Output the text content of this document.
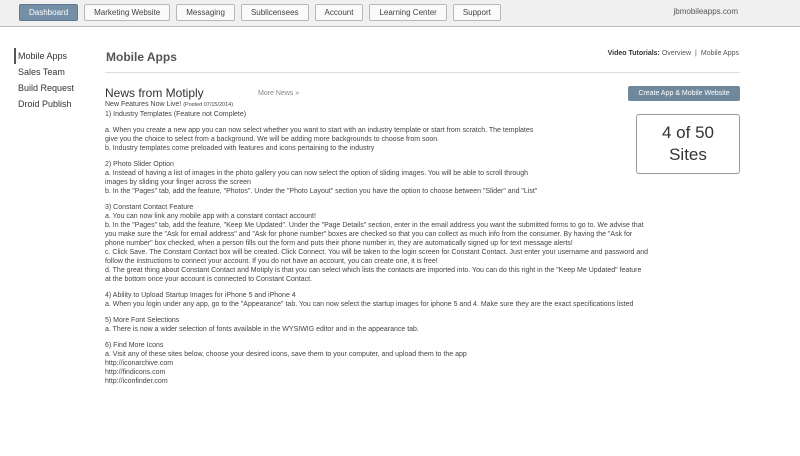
Dashboard	Marketing Website	Messaging	Sublicensees	Account	Learning Center	Support	jbmobileapps.com
Mobile Apps
Sales Team
Build Request
Droid Publish
Mobile Apps	Video Tutorials: Overview | Mobile Apps
News from Motiply	More News »	Create App & Mobile Website
4 of 50
Sites

New Features Now Live! (Posted 07/15/2014)

1) Industry Templates (Feature not Complete)

a. When you create a new app you can now select whether you want to start with an industry template or start from scratch. The templates

give you the choice to select from a background. We will be adding more backgrounds to choose from soon.

b. Industry templates come preloaded with features and icons pertaining to the industry

2) Photo Slider Option

a. Instead of having a list of images in the photo gallery you can now select the option of sliding images. You will be able to scroll through

images by sliding your finger across the screen

b. In the "Pages" tab, add the feature, "Photos". Under the "Photo Layout" section you have the option to choose between "Slider" and "List"

3) Constant Contact Feature

a. You can now link any mobile app with a constant contact account!

b. In the "Pages" tab, add the feature, "Keep Me Updated". Under the "Page Details" section, enter in the email address you want the submitted forms to go to. We advise that

you make sure the "Ask for email address" and "Ask for phone number" boxes are checked so that you can collect as much info from the consumer. By having the "Ask for

phone number" box checked, when a person fills out the form and puts their phone number in, they are automatically signed up for text message alerts!

c. Click Save. The Constant Contact box will be created. Click Connect. You will be taken to the login screen for Constant Contact. Just enter your username and password and

follow the instructions to connect your account. If you do not have an account, you can create one, it is free!

d. The great thing about Constant Contact and Motiply is that you can select which lists the contacts are imported into. You can do this right in the "Keep Me Updated" feature

at the bottom once your account is connected to Constant Contact.

4) Ability to Upload Startup Images for iPhone 5 and iPhone 4

a. When you login under any app, go to the "Appearance" tab. You can now select the startup images for iphone 5 and 4. Make sure they are the exact specifications listed

5) More Font Selections

a. There is now a wider selection of fonts available in the WYSIWIG editor and in the appearance tab.

6) Find More Icons

a. Visit any of these sites below, choose your desired icons, save them to your computer, and upload them to the app

http://iconarchive.com

http://findicons.com

http://iconfinder.com
